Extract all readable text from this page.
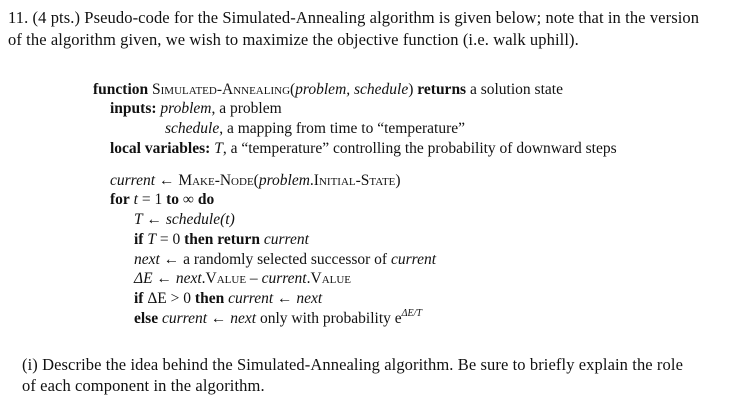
11. (4 pts.) Pseudo-code for the Simulated-Annealing algorithm is given below; note that in the version
of the algorithm given, we wish to maximize the objective function (i.e. walk uphill).
function Simulated-Annealing(problem, schedule) returns a solution state
inputs: problem, a problem
schedule, a mapping from time to “temperature”
local variables: T, a “temperature” controlling the probability of downward steps
current ← Make-Node(problem.Initial-State)
for t = 1 to ∞ do
T ← schedule(t)
if T = 0 then return current
next ← a randomly selected successor of current
ΔE ← next.Value – current.Value
if ΔE > 0 then current ← next
else current ← next only with probability $e^{\Delta E/T}$
(i) Describe the idea behind the Simulated-Annealing algorithm. Be sure to briefly explain the role
of each component in the algorithm.
